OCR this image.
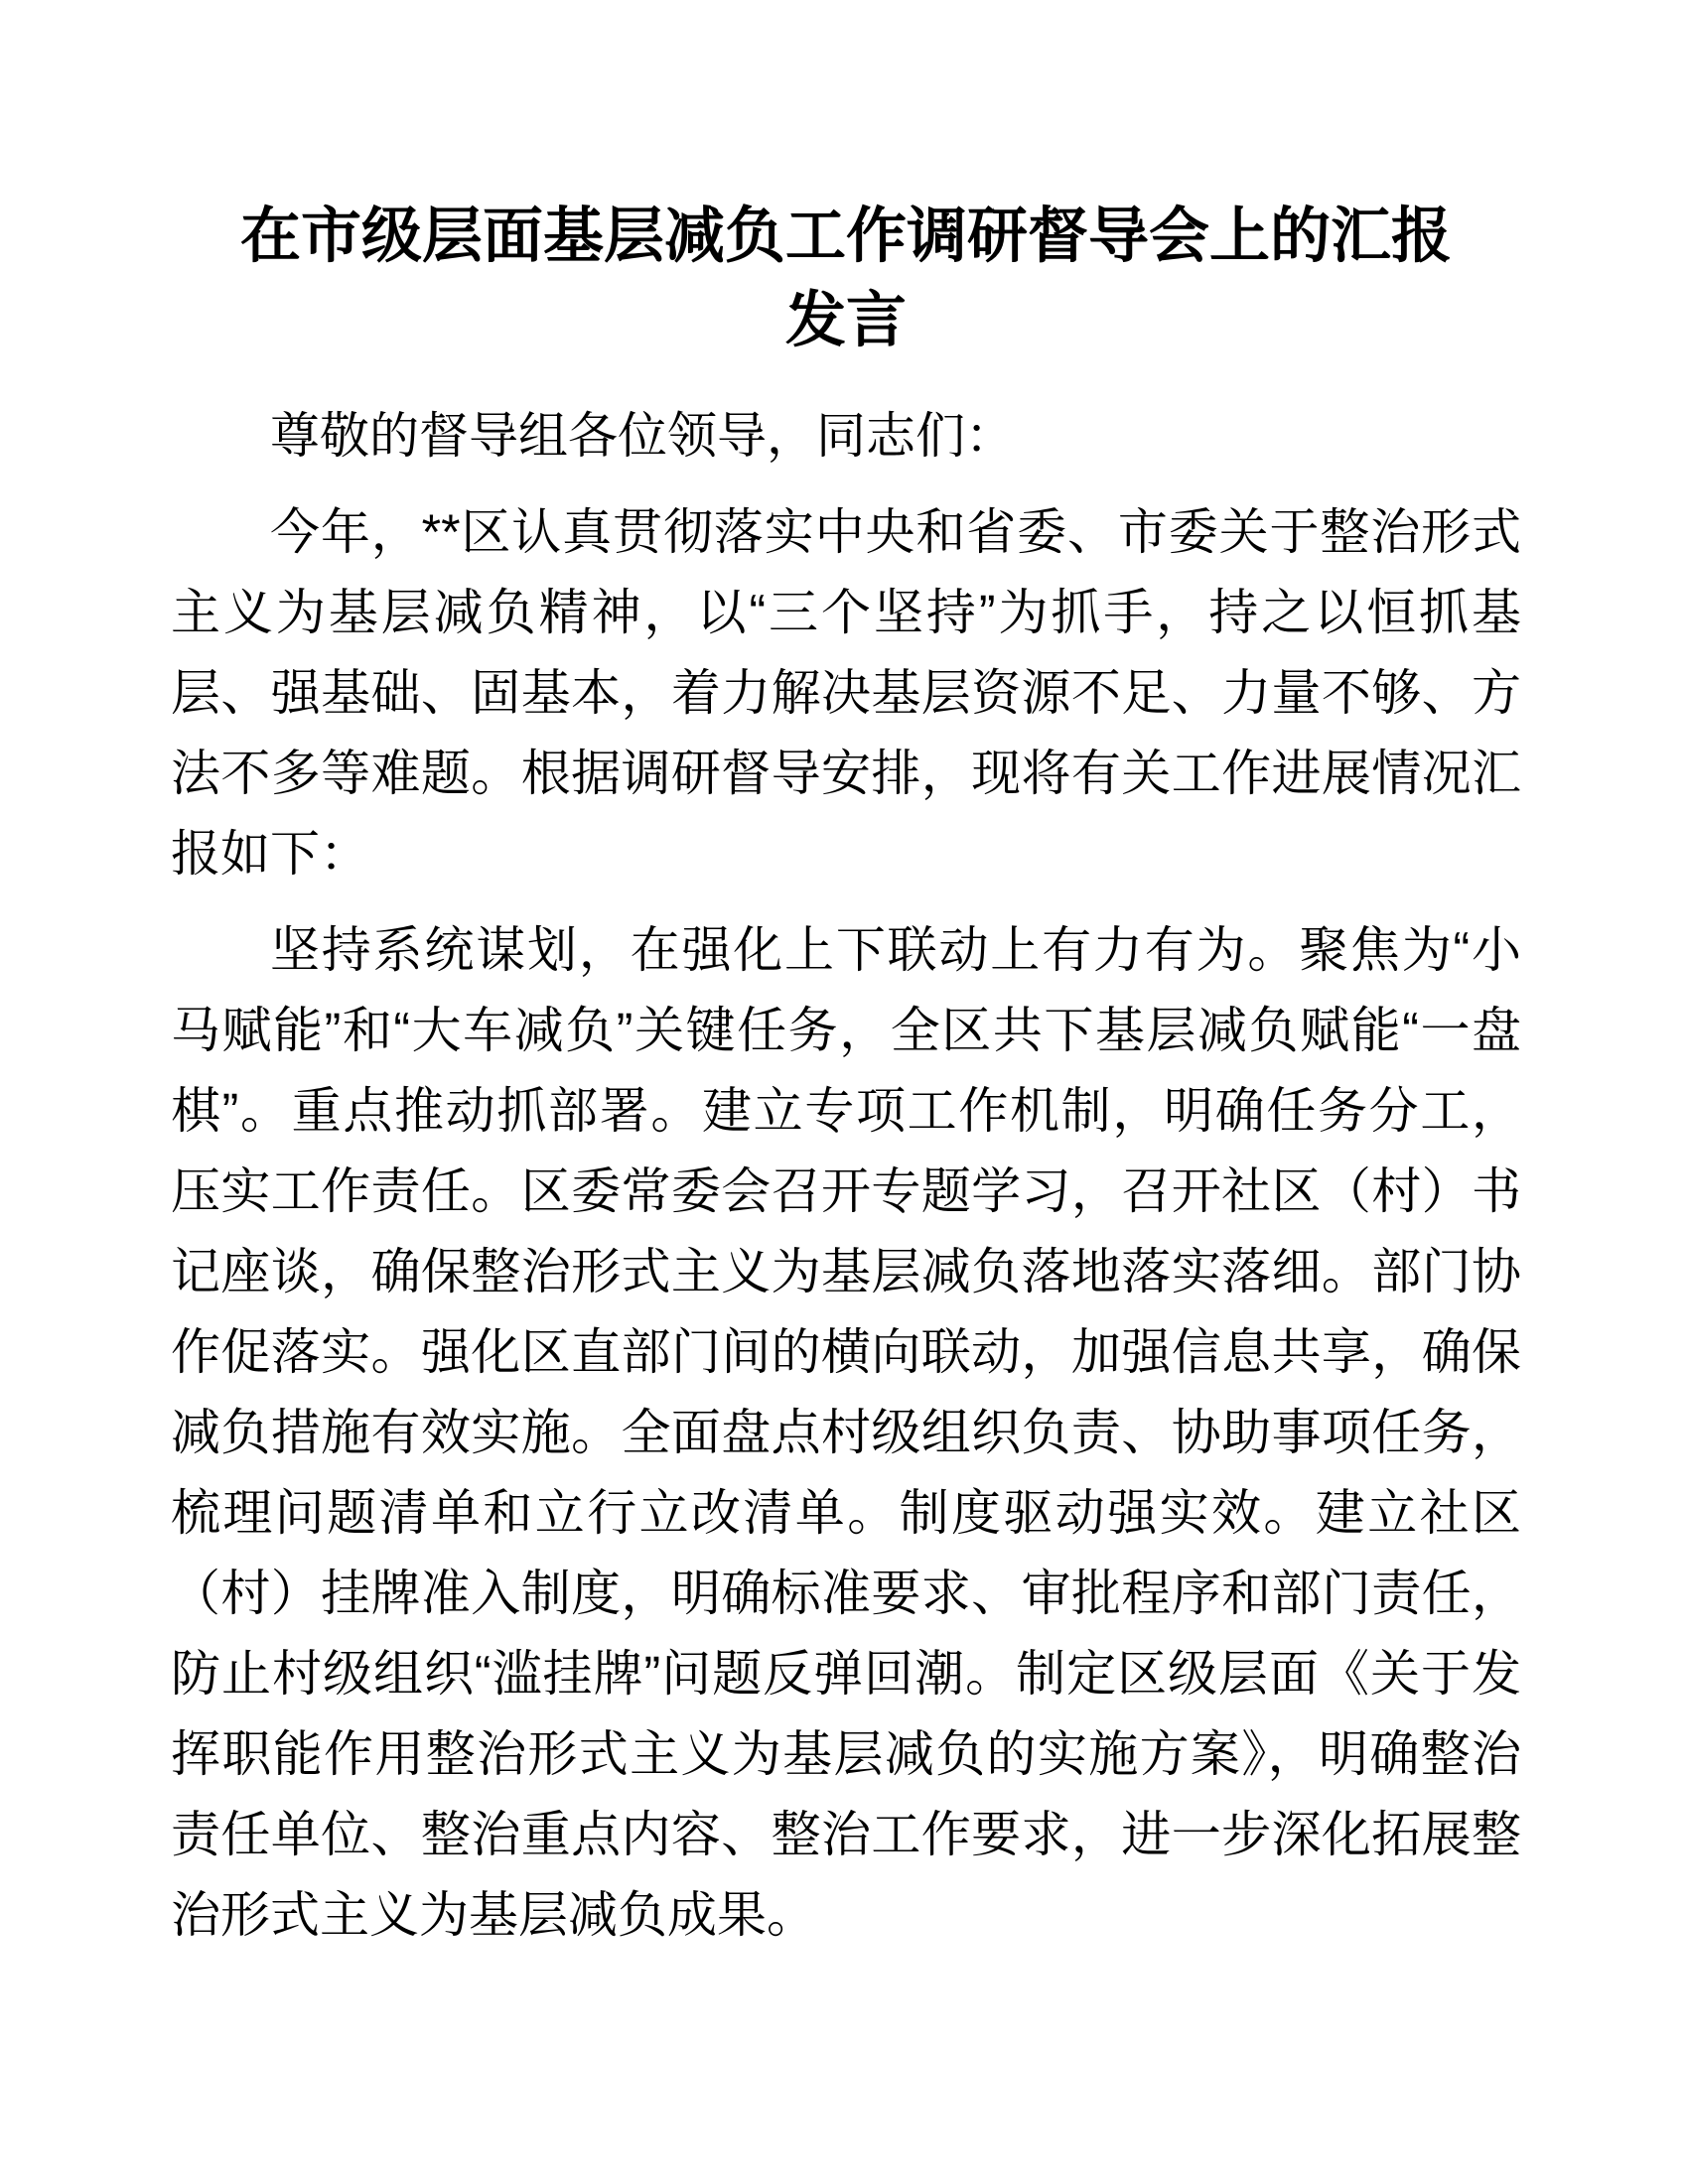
在市级层面基层减负工作调研督导会上的汇报发言

尊敬的督导组各位领导，同志们：

今年，**区认真贯彻落实中央和省委、市委关于整治形式主义为基层减负精神，以“三个坚持”为抓手，持之以恒抓基层、强基础、固基本，着力解决基层资源不足、力量不够、方法不多等难题。根据调研督导安排，现将有关工作进展情况汇报如下：

坚持系统谋划，在强化上下联动上有力有为。聚焦为“小马赋能”和“大车减负”关键任务，全区共下基层减负赋能“一盘棋”。重点推动抓部署。建立专项工作机制，明确任务分工，压实工作责任。区委常委会召开专题学习，召开社区（村）书记座谈，确保整治形式主义为基层减负落地落实落细。部门协作促落实。强化区直部门间的横向联动，加强信息共享，确保减负措施有效实施。全面盘点村级组织负责、协助事项任务，梳理问题清单和立行立改清单。制度驱动强实效。建立社区（村）挂牌准入制度，明确标准要求、审批程序和部门责任，防止村级组织“滥挂牌”问题反弹回潮。制定区级层面《关于发挥职能作用整治形式主义为基层减负的实施方案》，明确整治责任单位、整治重点内容、整治工作要求，进一步深化拓展整治形式主义为基层减负成果。
